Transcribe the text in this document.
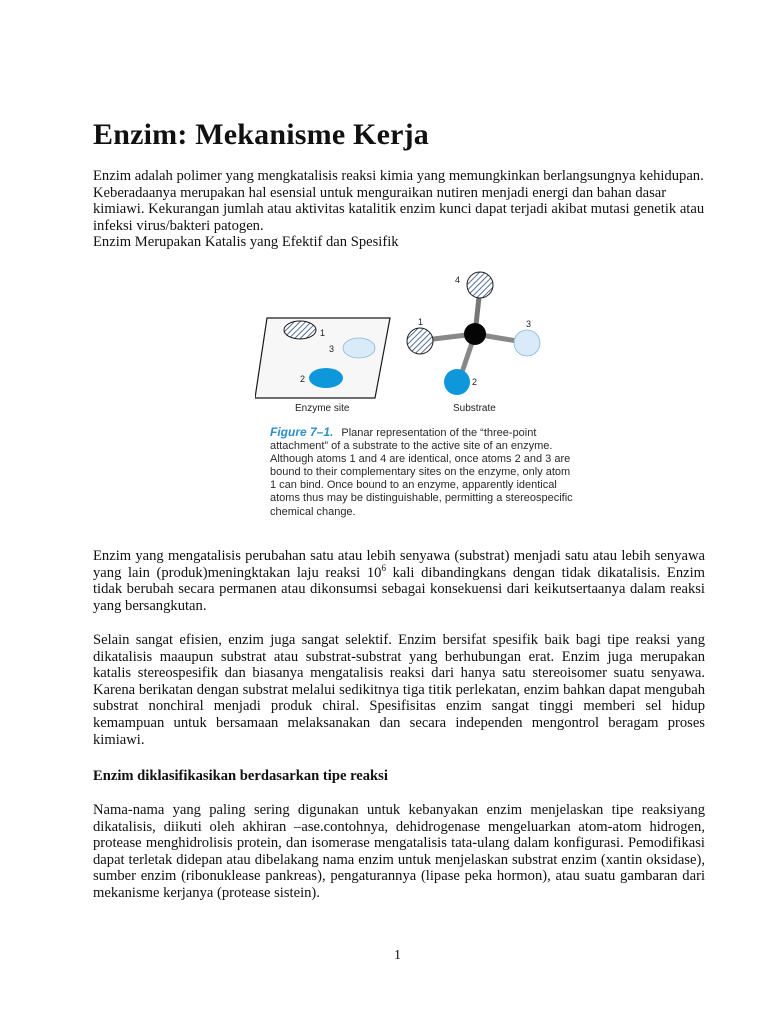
Enzim: Mekanisme Kerja

Enzim adalah polimer yang mengkatalisis reaksi kimia yang memungkinkan berlangsungnya kehidupan. Keberadaanya merupakan hal esensial untuk menguraikan nutiren menjadi energi dan bahan dasar kimiawi. Kekurangan jumlah atau aktivitas katalitik enzim kunci dapat terjadi akibat mutasi genetik atau infeksi virus/bakteri patogen.
Enzim Merupakan Katalis yang Efektif dan Spesifik

1
3
2
Enzyme site
4
1	3
2
Substrate
Figure 7–1. Planar representation of the “three-point attachment” of a substrate to the active site of an enzyme. Although atoms 1 and 4 are identical, once atoms 2 and 3 are bound to their complementary sites on the enzyme, only atom 1 can bind. Once bound to an enzyme, apparently identical atoms thus may be distinguishable, permitting a stereospecific chemical change.

Enzim yang mengatalisis perubahan satu atau lebih senyawa (substrat) menjadi satu atau lebih senyawa yang lain (produk)meningktakan laju reaksi $10^6$ kali dibandingkans dengan tidak dikatalisis. Enzim tidak berubah secara permanen atau dikonsumsi sebagai konsekuensi dari keikutsertaanya dalam reaksi yang bersangkutan.

Selain sangat efisien, enzim juga sangat selektif. Enzim bersifat spesifik baik bagi tipe reaksi yang dikatalisis maaupun substrat atau substrat-substrat yang berhubungan erat. Enzim juga merupakan katalis stereospesifik dan biasanya mengatalisis reaksi dari hanya satu stereoisomer suatu senyawa. Karena berikatan dengan substrat melalui sedikitnya tiga titik perlekatan, enzim bahkan dapat mengubah substrat nonchiral menjadi produk chiral. Spesifisitas enzim sangat tinggi memberi sel hidup kemampuan untuk bersamaan melaksanakan dan secara independen mengontrol beragam proses kimiawi.

Enzim diklasifikasikan berdasarkan tipe reaksi

Nama-nama yang paling sering digunakan untuk kebanyakan enzim menjelaskan tipe reaksiyang dikatalisis, diikuti oleh akhiran –ase.contohnya, dehidrogenase mengeluarkan atom-atom hidrogen, protease menghidrolisis protein, dan isomerase mengatalisis tata-ulang dalam konfigurasi. Pemodifikasi dapat terletak didepan atau dibelakang nama enzim untuk menjelaskan substrat enzim (xantin oksidase), sumber enzim (ribonuklease pankreas), pengaturannya (lipase peka hormon), atau suatu gambaran dari mekanisme kerjanya (protease sistein).

1
